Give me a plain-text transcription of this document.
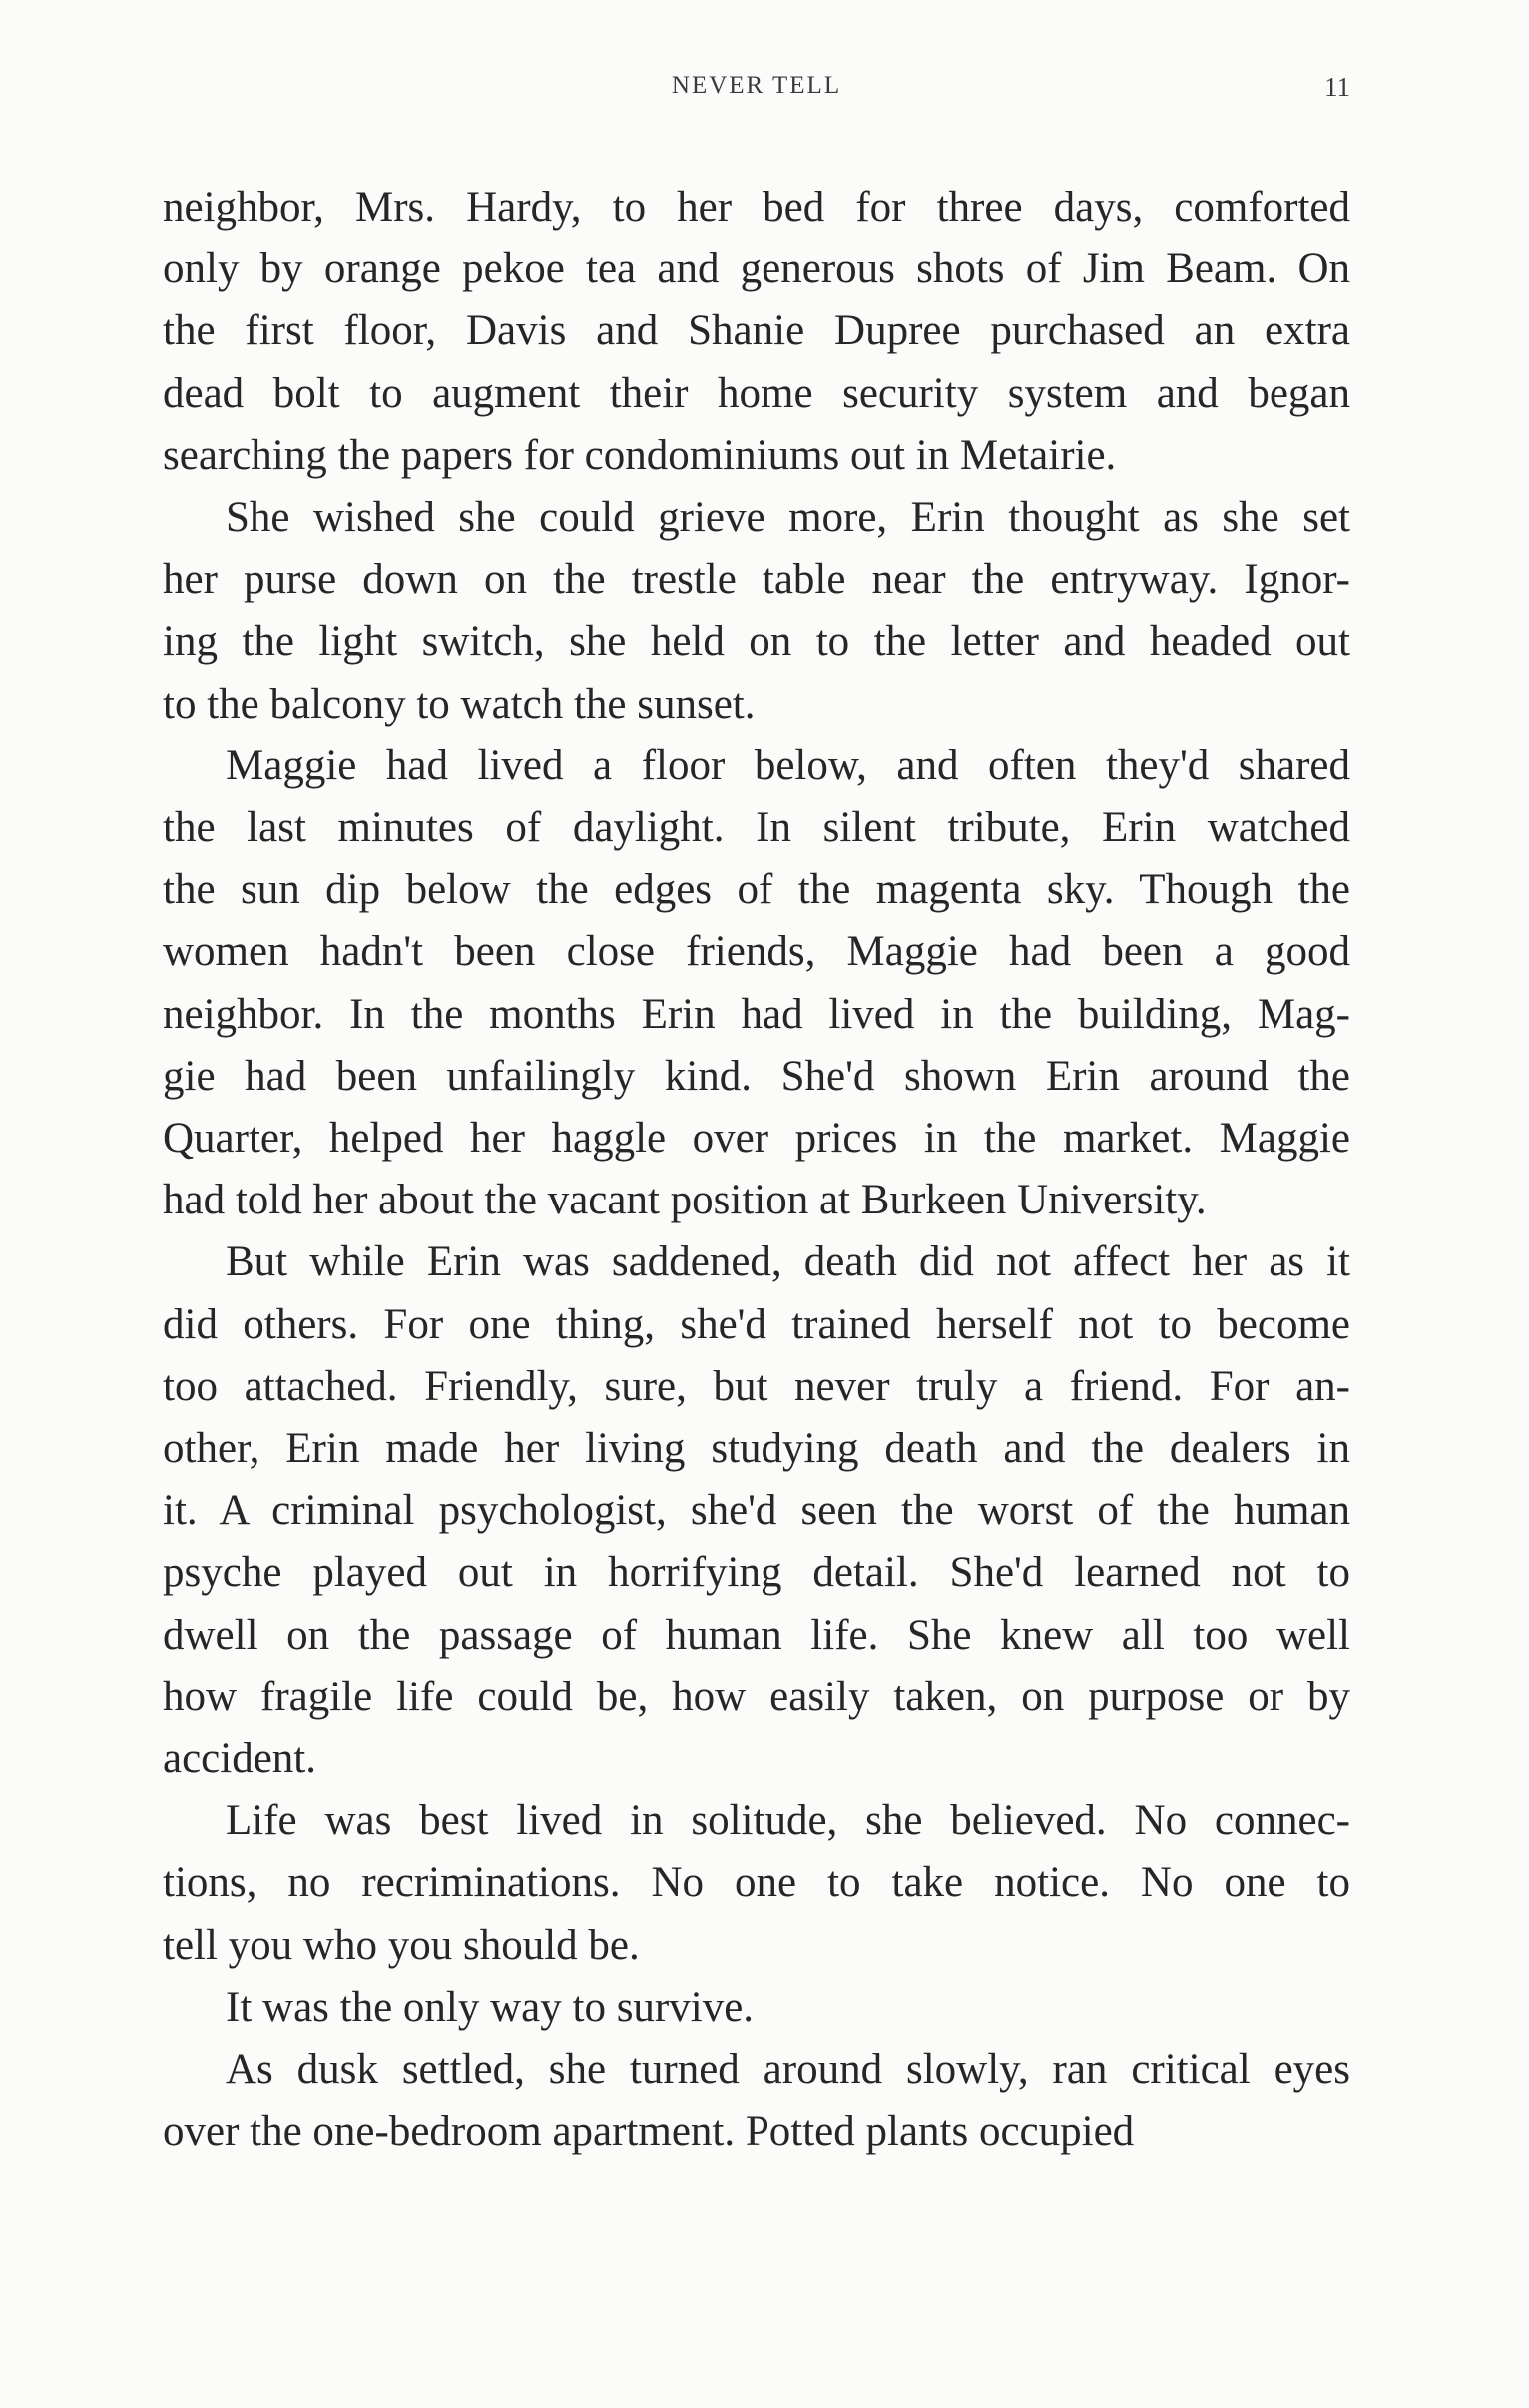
NEVER TELL	11

neighbor, Mrs. Hardy, to her bed for three days, comforted
only by orange pekoe tea and generous shots of Jim Beam. On
the first floor, Davis and Shanie Dupree purchased an extra
dead bolt to augment their home security system and began
searching the papers for condominiums out in Metairie.

She wished she could grieve more, Erin thought as she set
her purse down on the trestle table near the entryway. Ignor-
ing the light switch, she held on to the letter and headed out
to the balcony to watch the sunset.

Maggie had lived a floor below, and often they'd shared
the last minutes of daylight. In silent tribute, Erin watched
the sun dip below the edges of the magenta sky. Though the
women hadn't been close friends, Maggie had been a good
neighbor. In the months Erin had lived in the building, Mag-
gie had been unfailingly kind. She'd shown Erin around the
Quarter, helped her haggle over prices in the market. Maggie
had told her about the vacant position at Burkeen University.

But while Erin was saddened, death did not affect her as it
did others. For one thing, she'd trained herself not to become
too attached. Friendly, sure, but never truly a friend. For an-
other, Erin made her living studying death and the dealers in
it. A criminal psychologist, she'd seen the worst of the human
psyche played out in horrifying detail. She'd learned not to
dwell on the passage of human life. She knew all too well
how fragile life could be, how easily taken, on purpose or by
accident.

Life was best lived in solitude, she believed. No connec-
tions, no recriminations. No one to take notice. No one to
tell you who you should be.

It was the only way to survive.

As dusk settled, she turned around slowly, ran critical eyes
over the one-bedroom apartment. Potted plants occupied
